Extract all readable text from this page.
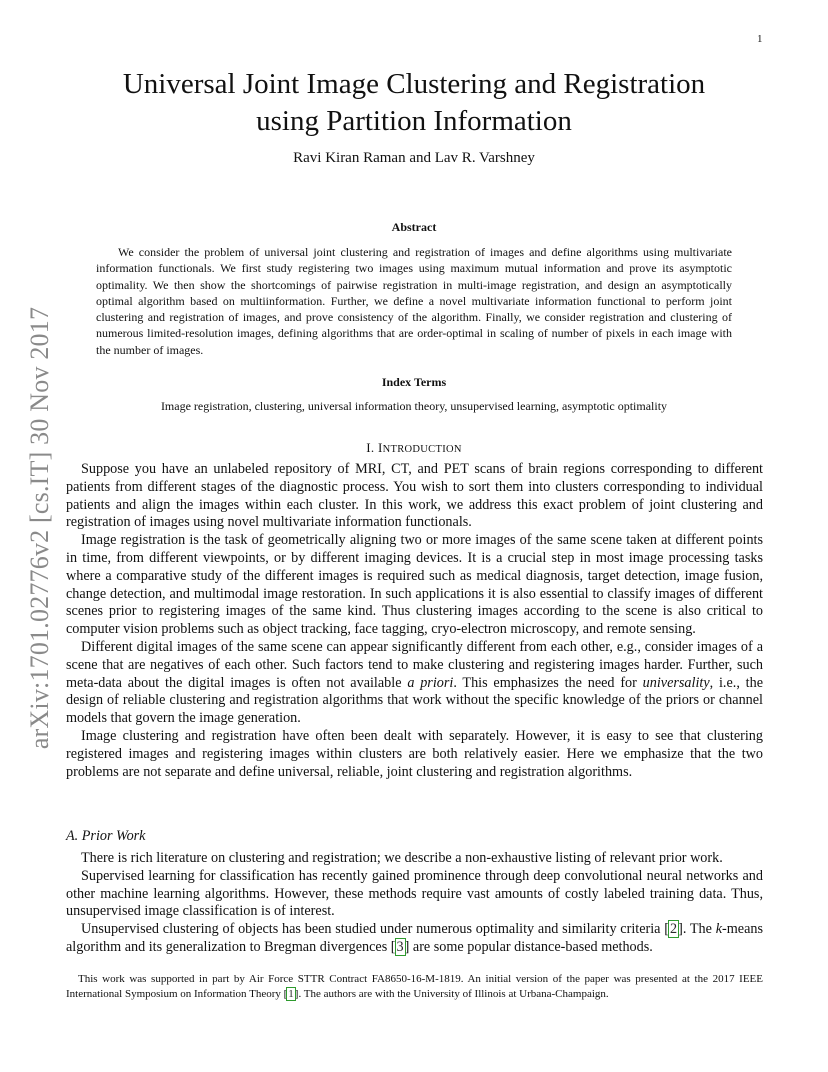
1
arXiv:1701.02776v2 [cs.IT] 30 Nov 2017
Universal Joint Image Clustering and Registration
using Partition Information
Ravi Kiran Raman and Lav R. Varshney
Abstract

We consider the problem of universal joint clustering and registration of images and define algorithms using multivariate information functionals. We first study registering two images using maximum mutual information and prove its asymptotic optimality. We then show the shortcomings of pairwise registration in multi-image registration, and design an asymptotically optimal algorithm based on multiinformation. Further, we define a novel multivariate information functional to perform joint clustering and registration of images, and prove consistency of the algorithm. Finally, we consider registration and clustering of numerous limited-resolution images, defining algorithms that are order-optimal in scaling of number of pixels in each image with the number of images.

Index Terms
Image registration, clustering, universal information theory, unsupervised learning, asymptotic optimality
I. INTRODUCTION

Suppose you have an unlabeled repository of MRI, CT, and PET scans of brain regions corresponding to different patients from different stages of the diagnostic process. You wish to sort them into clusters corresponding to individual patients and align the images within each cluster. In this work, we address this exact problem of joint clustering and registration of images using novel multivariate information functionals.

Image registration is the task of geometrically aligning two or more images of the same scene taken at different points in time, from different viewpoints, or by different imaging devices. It is a crucial step in most image processing tasks where a comparative study of the different images is required such as medical diagnosis, target detection, image fusion, change detection, and multimodal image restoration. In such applications it is also essential to classify images of different scenes prior to registering images of the same kind. Thus clustering images according to the scene is also critical to computer vision problems such as object tracking, face tagging, cryo-electron microscopy, and remote sensing.

Different digital images of the same scene can appear significantly different from each other, e.g., consider images of a scene that are negatives of each other. Such factors tend to make clustering and registering images harder. Further, such meta-data about the digital images is often not available a priori. This emphasizes the need for universality, i.e., the design of reliable clustering and registration algorithms that work without the specific knowledge of the priors or channel models that govern the image generation.

Image clustering and registration have often been dealt with separately. However, it is easy to see that clustering registered images and registering images within clusters are both relatively easier. Here we emphasize that the two problems are not separate and define universal, reliable, joint clustering and registration algorithms.

A. Prior Work

There is rich literature on clustering and registration; we describe a non-exhaustive listing of relevant prior work.

Supervised learning for classification has recently gained prominence through deep convolutional neural networks and other machine learning algorithms. However, these methods require vast amounts of costly labeled training data. Thus, unsupervised image classification is of interest.

Unsupervised clustering of objects has been studied under numerous optimality and similarity criteria [2]. The k-means algorithm and its generalization to Bregman divergences [3] are some popular distance-based methods.

This work was supported in part by Air Force STTR Contract FA8650-16-M-1819. An initial version of the paper was presented at the 2017 IEEE International Symposium on Information Theory [1]. The authors are with the University of Illinois at Urbana-Champaign.
